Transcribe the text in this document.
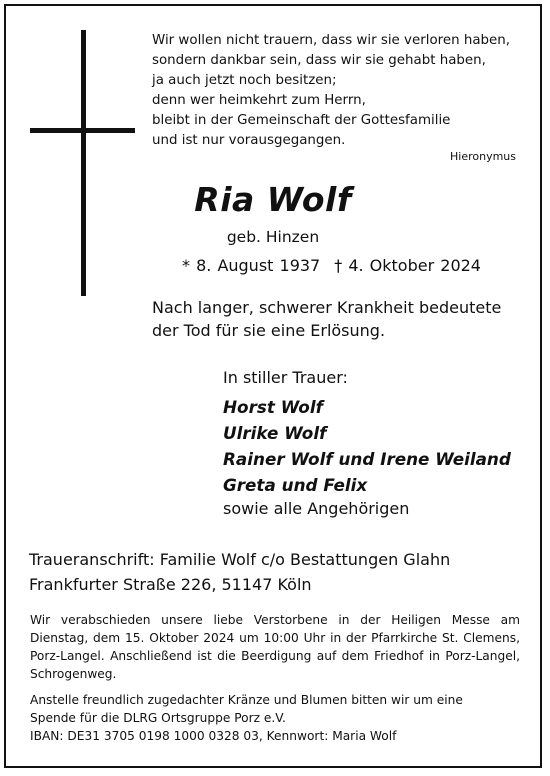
Wir wollen nicht trauern, dass wir sie verloren haben,
sondern dankbar sein, dass wir sie gehabt haben,
ja auch jetzt noch besitzen;
denn wer heimkehrt zum Herrn,
bleibt in der Gemeinschaft der Gottesfamilie
und ist nur vorausgegangen.
Hieronymus
Ria Wolf
geb. Hinzen
* 8. August 1937 † 4. Oktober 2024
Nach langer, schwerer Krankheit bedeutete
der Tod für sie eine Erlösung.
In stiller Trauer:
Horst Wolf
Ulrike Wolf
Rainer Wolf und Irene Weiland
Greta und Felix
sowie alle Angehörigen
Traueranschrift: Familie Wolf c/o Bestattungen Glahn
Frankfurter Straße 226, 51147 Köln
Wir verabschieden unsere liebe Verstorbene in der Heiligen Messe am Dienstag, dem 15. Oktober 2024 um 10:00 Uhr in der Pfarrkirche St. Clemens, Porz-Langel. Anschließend ist die Beerdigung auf dem Friedhof in Porz-Langel, Schrogenweg.
Anstelle freundlich zugedachter Kränze und Blumen bitten wir um eine
Spende für die DLRG Ortsgruppe Porz e.V.
IBAN: DE31 3705 0198 1000 0328 03, Kennwort: Maria Wolf
